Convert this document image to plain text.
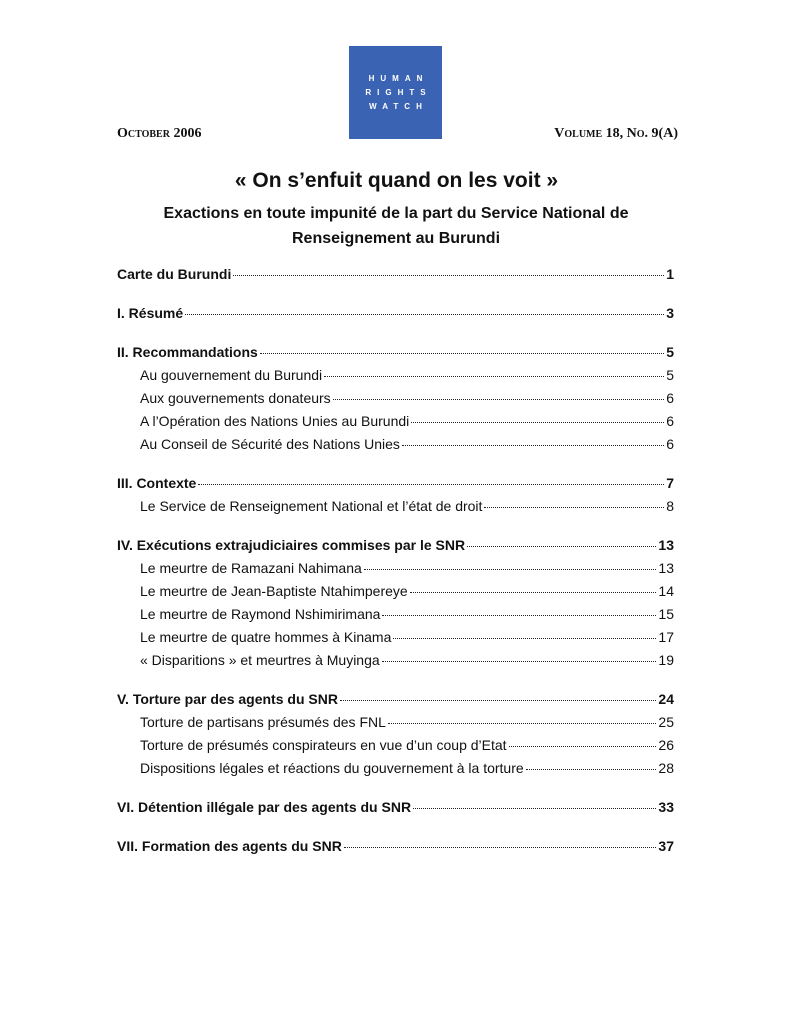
HUMAN
RIGHTS
WATCH
October 2006	Volume 18, No. 9(A)
« On s’enfuit quand on les voit »
Exactions en toute impunité de la part du Service National de Renseignement au Burundi
Carte du Burundi	1
I. Résumé	3
II. Recommandations	5
Au gouvernement du Burundi	5
Aux gouvernements donateurs	6
A l’Opération des Nations Unies au Burundi	6
Au Conseil de Sécurité des Nations Unies	6
III. Contexte	7
Le Service de Renseignement National et l’état de droit	8
IV. Exécutions extrajudiciaires commises par le SNR	13
Le meurtre de Ramazani Nahimana	13
Le meurtre de Jean-Baptiste Ntahimpereye	14
Le meurtre de Raymond Nshimirimana	15
Le meurtre de quatre hommes à Kinama	17
« Disparitions » et meurtres à Muyinga	19
V. Torture par des agents du SNR	24
Torture de partisans présumés des FNL	25
Torture de présumés conspirateurs en vue d’un coup d’Etat	26
Dispositions légales et réactions du gouvernement à la torture	28
VI. Détention illégale par des agents du SNR	33
VII. Formation des agents du SNR	37
